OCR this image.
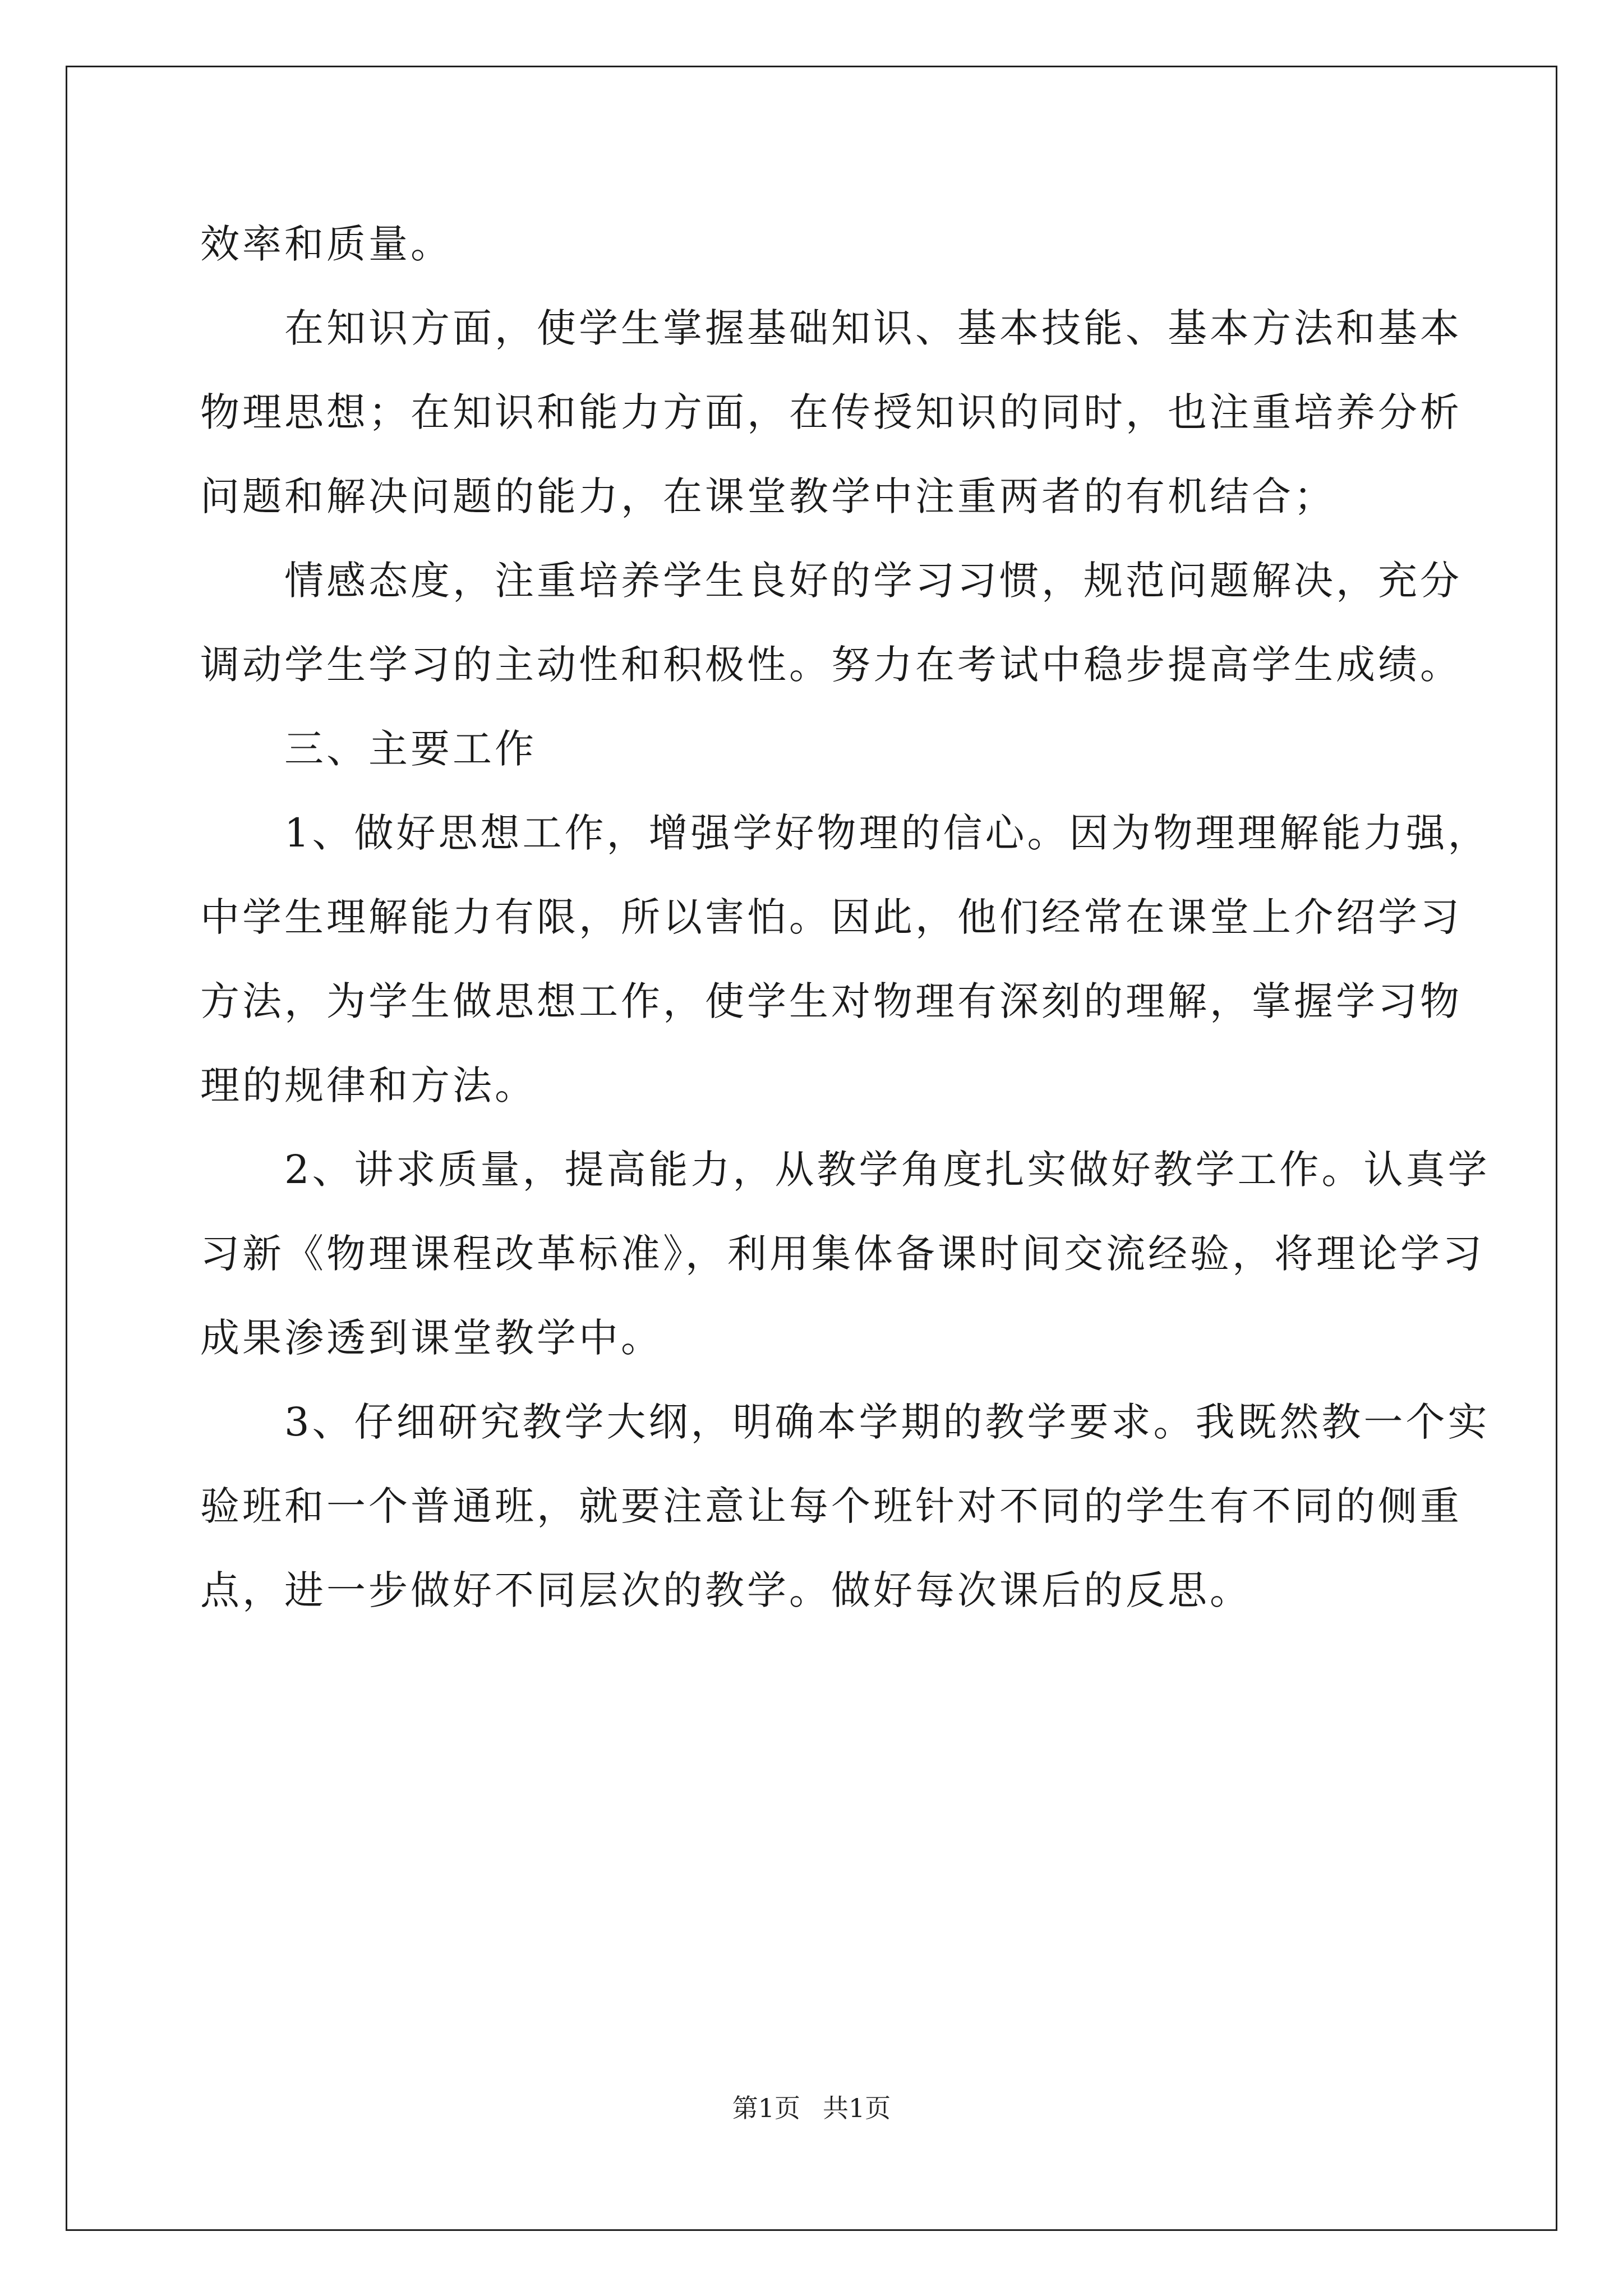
效率和质量。

在知识方面，使学生掌握基础知识、基本技能、基本方法和基本
物理思想；在知识和能力方面，在传授知识的同时，也注重培养分析
问题和解决问题的能力，在课堂教学中注重两者的有机结合；

情感态度，注重培养学生良好的学习习惯，规范问题解决，充分
调动学生学习的主动性和积极性。努力在考试中稳步提高学生成绩。

三、主要工作

1、做好思想工作，增强学好物理的信心。因为物理理解能力强，
中学生理解能力有限，所以害怕。因此，他们经常在课堂上介绍学习
方法，为学生做思想工作，使学生对物理有深刻的理解，掌握学习物
理的规律和方法。

2、讲求质量，提高能力，从教学角度扎实做好教学工作。认真学
习新《物理课程改革标准》，利用集体备课时间交流经验，将理论学习
成果渗透到课堂教学中。

3、仔细研究教学大纲，明确本学期的教学要求。我既然教一个实
验班和一个普通班，就要注意让每个班针对不同的学生有不同的侧重
点，进一步做好不同层次的教学。做好每次课后的反思。

第1页 共1页
